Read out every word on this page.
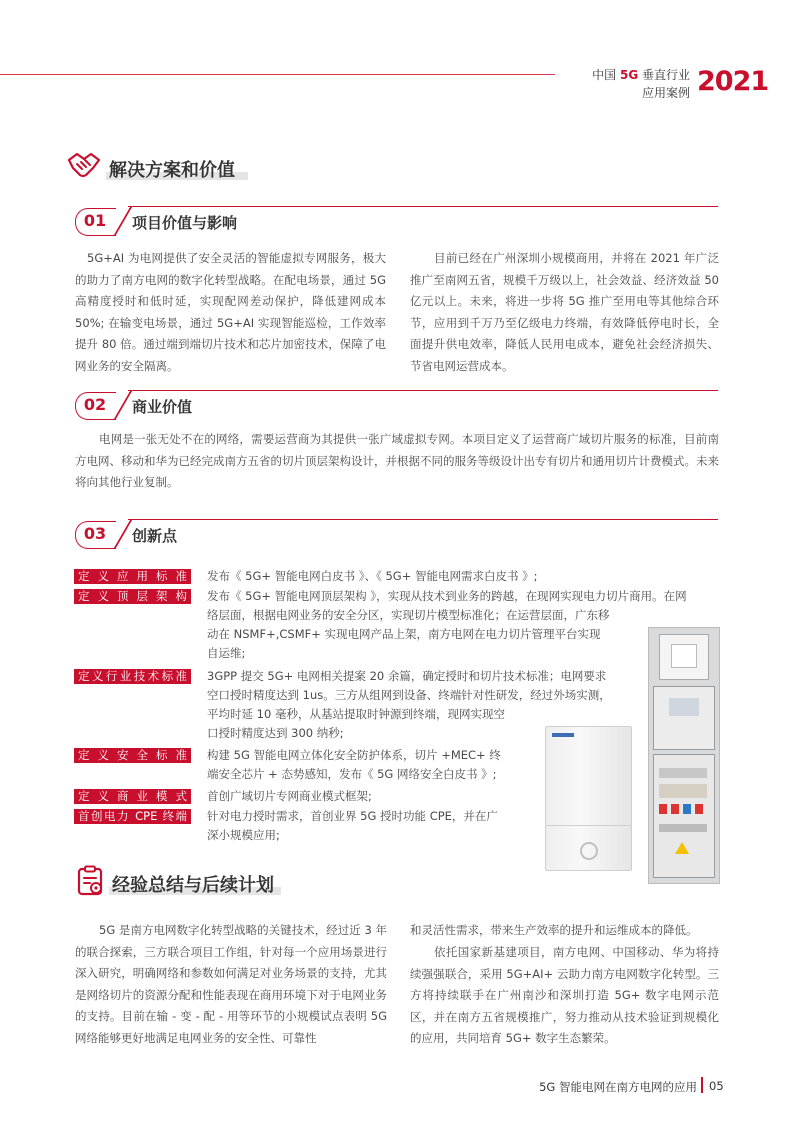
中国 5G 垂直行业
应用案例 2021
解决方案和价值
01	项目价值与影响
5G+AI 为电网提供了安全灵活的智能虚拟专网服务，极大的助力了南方电网的数字化转型战略。在配电场景，通过 5G 高精度授时和低时延，实现配网差动保护，降低建网成本 50%; 在输变电场景，通过 5G+AI 实现智能巡检，工作效率提升 80 倍。通过端到端切片技术和芯片加密技术，保障了电网业务的安全隔离。
目前已经在广州深圳小规模商用，并将在 2021 年广泛推广至南网五省，规模千万级以上，社会效益、经济效益 50 亿元以上。未来，将进一步将 5G 推广至用电等其他综合环节，应用到千万乃至亿级电力终端，有效降低停电时长，全面提升供电效率，降低人民用电成本，避免社会经济损失、节省电网运营成本。
02	商业价值
电网是一张无处不在的网络，需要运营商为其提供一张广域虚拟专网。本项目定义了运营商广域切片服务的标准，目前南方电网、移动和华为已经完成南方五省的切片顶层架构设计，并根据不同的服务等级设计出专有切片和通用切片计费模式。未来将向其他行业复制。
03	创新点
定义应用标准	发布《 5G+ 智能电网白皮书 》、《 5G+ 智能电网需求白皮书 》;
定义顶层架构	发布《 5G+ 智能电网顶层架构 》，实现从技术到业务的跨越，在现网实现电力切片商用。在网
络层面，根据电网业务的安全分区，实现切片模型标准化；在运营层面，广东移
动在 NSMF+,CSMF+ 实现电网产品上架，南方电网在电力切片管理平台实现
自运维;
定义行业技术标准	3GPP 提交 5G+ 电网相关提案 20 余篇，确定授时和切片技术标准；电网要求
空口授时精度达到 1us。三方从组网到设备、终端针对性研发，经过外场实测，
平均时延 10 毫秒，从基站提取时钟源到终端，现网实现空
口授时精度达到 300 纳秒;
定义安全标准	构建 5G 智能电网立体化安全防护体系，切片 +MEC+ 终
端安全芯片 + 态势感知，发布《 5G 网络安全白皮书 》;
定义商业模式	首创广域切片专网商业模式框架;
首创电力 CPE 终端	针对电力授时需求，首创业界 5G 授时功能 CPE，并在广
深小规模应用;
经验总结与后续计划
5G 是南方电网数字化转型战略的关键技术，经过近 3 年的联合探索，三方联合项目工作组，针对每一个应用场景进行深入研究，明确网络和参数如何满足对业务场景的支持，尤其是网络切片的资源分配和性能表现在商用环境下对于电网业务的支持。目前在输 - 变 - 配 - 用等环节的小规模试点表明 5G 网络能够更好地满足电网业务的安全性、可靠性
和灵活性需求，带来生产效率的提升和运维成本的降低。
依托国家新基建项目，南方电网、中国移动、华为将持续强强联合，采用 5G+AI+ 云助力南方电网数字化转型。三方将持续联手在广州南沙和深圳打造 5G+ 数字电网示范区，并在南方五省规模推广，努力推动从技术验证到规模化的应用，共同培育 5G+ 数字生态繁荣。
5G 智能电网在南方电网的应用 05
